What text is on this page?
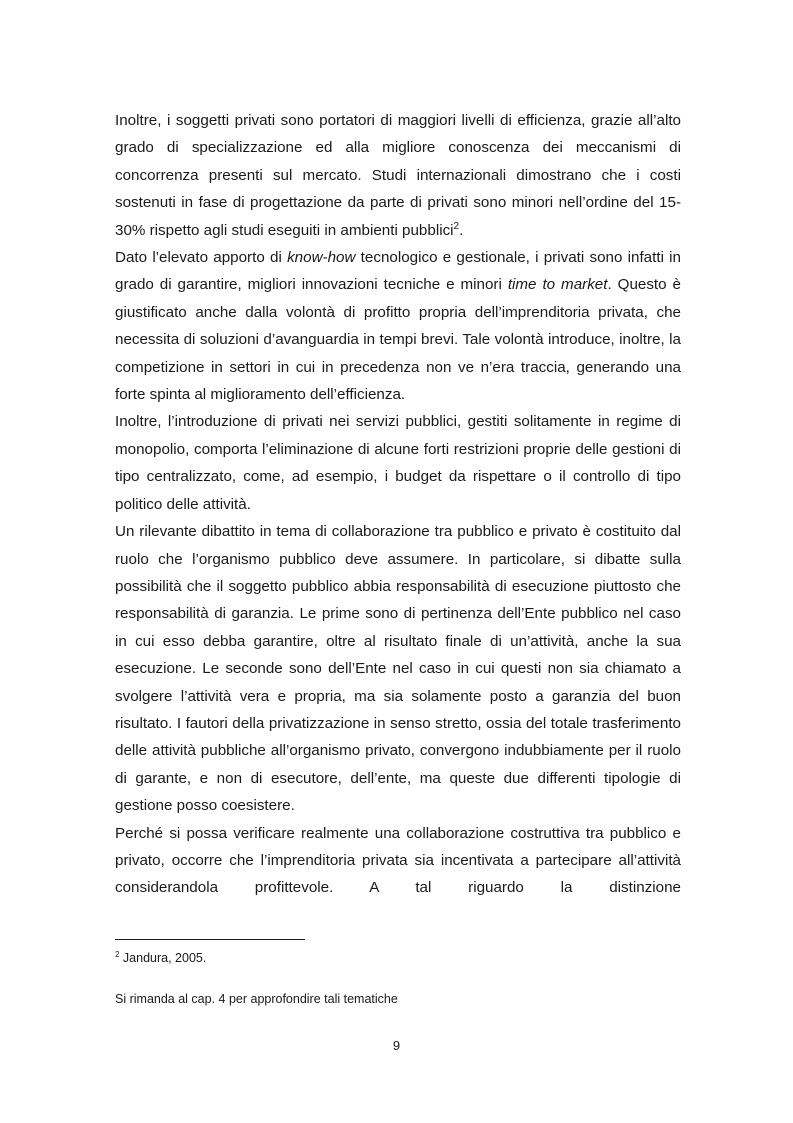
Inoltre, i soggetti privati sono portatori di maggiori livelli di efficienza, grazie all’alto grado di specializzazione ed alla migliore conoscenza dei meccanismi di concorrenza presenti sul mercato. Studi internazionali dimostrano che i costi sostenuti in fase di progettazione da parte di privati sono minori nell’ordine del 15-30% rispetto agli studi eseguiti in ambienti pubblici$^2$.

Dato l’elevato apporto di know-how tecnologico e gestionale, i privati sono infatti in grado di garantire, migliori innovazioni tecniche e minori time to market. Questo è giustificato anche dalla volontà di profitto propria dell’imprenditoria privata, che necessita di soluzioni d’avanguardia in tempi brevi. Tale volontà introduce, inoltre, la competizione in settori in cui in precedenza non ve n’era traccia, generando una forte spinta al miglioramento dell’efficienza.

Inoltre, l’introduzione di privati nei servizi pubblici, gestiti solitamente in regime di monopolio, comporta l’eliminazione di alcune forti restrizioni proprie delle gestioni di tipo centralizzato, come, ad esempio, i budget da rispettare o il controllo di tipo politico delle attività.

Un rilevante dibattito in tema di collaborazione tra pubblico e privato è costituito dal ruolo che l’organismo pubblico deve assumere. In particolare, si dibatte sulla possibilità che il soggetto pubblico abbia responsabilità di esecuzione piuttosto che responsabilità di garanzia. Le prime sono di pertinenza dell’Ente pubblico nel caso in cui esso debba garantire, oltre al risultato finale di un’attività, anche la sua esecuzione. Le seconde sono dell’Ente nel caso in cui questi non sia chiamato a svolgere l’attività vera e propria, ma sia solamente posto a garanzia del buon risultato. I fautori della privatizzazione in senso stretto, ossia del totale trasferimento delle attività pubbliche all’organismo privato, convergono indubbiamente per il ruolo di garante, e non di esecutore, dell’ente, ma queste due differenti tipologie di gestione posso coesistere.

Perché si possa verificare realmente una collaborazione costruttiva tra pubblico e privato, occorre che l’imprenditoria privata sia incentivata a partecipare all’attività considerandola profittevole. A tal riguardo la distinzione

$^2$ Jandura, 2005.
Si rimanda al cap. 4 per approfondire tali tematiche
9
